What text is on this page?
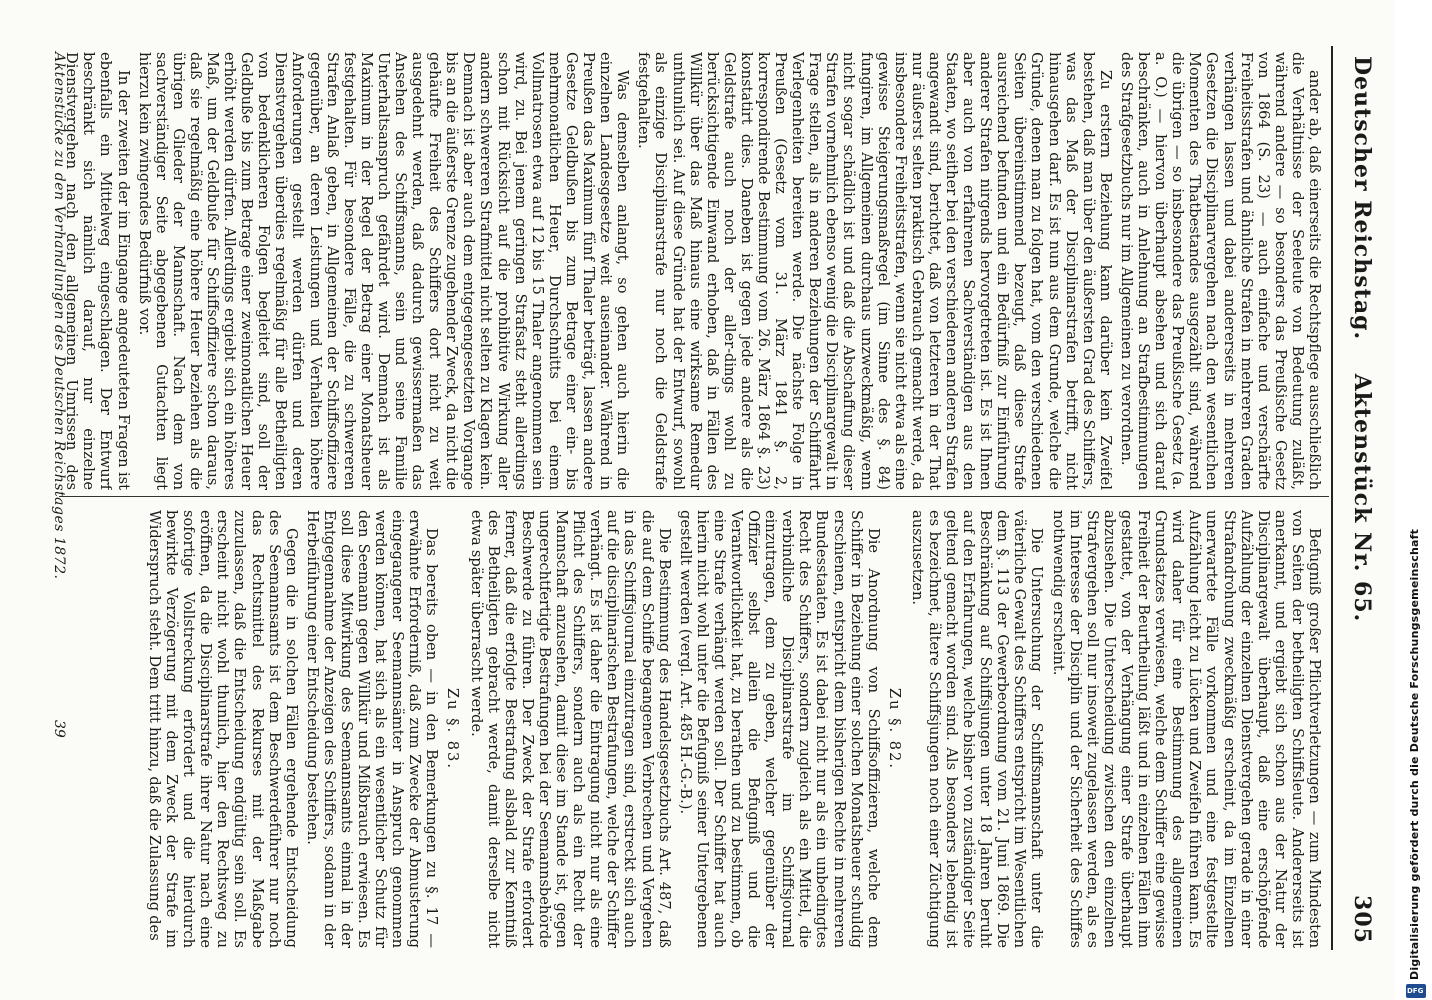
Deutscher Reichstag.
Aktenstück Nr. 65.
305

ander ab, daß einerseits die Rechtspflege ausschließlich die Verhältnisse der Seeleute von Bedeutung zuläßt, während andere — so besonders das Preußische Gesetz von 1864 (S. 23) — auch einfache und verschärfte Freiheitsstrafen und ähnliche Strafen in mehreren Graden verhängen lassen und dabei andererseits in mehreren Gesetzen die Disciplinarvergehen nach den wesentlichen Momenten des Thatbestandes ausgezählt sind, während die übrigen — so insbesondere das Preußische Gesetz (a. a. O.) — hiervon überhaupt absehen und sich darauf beschränken, auch in Anlehnung an Strafbestimmungen des Strafgesetzbuchs nur im Allgemeinen zu verordnen.

Zu erstern Beziehung kann darüber kein Zweifel bestehen, daß man über den äußersten Grad des Schiffers, was das Maß der Disciplinarstrafen betrifft, nicht hinausgehen darf. Es ist nun aus dem Grunde, welche die Gründe, denen man zu folgen hat, vom den verschiedenen Seiten übereinstimmend bezeugt, daß diese Strafe ausreichend befunden und ein Bedürfniß zur Einführung anderer Strafen nirgends hervorgetreten ist. Es ist Ihnen aber auch von erfahrenen Sachverständigen aus den Staaten, wo seither bei den verschiedenen anderen Strafen angewandt sind, berichtet, daß von letzteren in der That nur äußerst selten praktisch Gebrauch gemacht werde, da insbesondere Freiheitsstrafen, wenn sie nicht etwa als eine gewisse Steigerungsmaßregel (im Sinne des §. 84) fungiren, im Allgemeinen durchaus unzweckmäßig, wenn nicht sogar schädlich ist und daß die Abschaffung dieser Strafen vornehmlich ebenso wenig die Disciplinargewalt in Frage stellen, als in anderen Beziehungen der Schifffahrt Verlegenheiten bereiten werde. Die nächste Folge in Preußen (Gesetz vom 31. März 1841 §. 2, korrespondirende Bestimmung vom 26. März 1864 §. 23) konstatirt dies. Daneben ist gegen jede andere als die Geldstrafe auch noch der aller-dings wohl zu berücksichtigende Einwand erhoben, daß in Fällen des Willkür über das Maß hinaus eine wirksame Remedur unthunlich sei. Auf diese Gründe hat der Entwurf, sowohl als einzige Disciplinarstrafe nur noch die Geldstrafe festgehalten.

Was demselben anlangt, so gehen auch hierin die einzelnen Landesgesetze weit auseinander. Während in Preußen das Maximum fünf Thaler beträgt, lassen andere Gesetze Geldbußen bis zum Betrage einer ein- bis mehrmonatlichen Heuer, Durchschnitts bei einem Vollmatrosen etwa auf 12 bis 15 Thaler angenommen sein wird, zu. Bei jenem geringen Strafsatz steht allerdings schon mit Rücksicht auf die prohibitive Wirkung aller andern schwereren Strafmittel nicht selten zu Klagen kein. Demnach ist aber auch dem entgegengesetzten Vorgange bis an die äußerste Grenze zugehender Zweck, da nicht die gehäufte Freiheit des Schiffers dort nicht zu weit ausgedehnt werden, daß dadurch gewissermaßen das Ansehen des Schiffsmanns, sein und seine Familie Unterhaltsanspruch gefährdet wird. Demnach ist als Maximum in der Regel der Betrag einer Monatsheuer festgehalten. Für besondere Fälle, die zu schwereren Strafen Anlaß geben, in Allgemeinen der Schiffsoffiziere gegenüber, an deren Leistungen und Verhalten höhere Anforderungen gestellt werden dürfen und deren Dienstvergehen überdies regelmäßig für alle Betheiligten von bedenklicheren Folgen begleitet sind, soll der Geldbuße bis zum Betrage einer zweimonatlichen Heuer erhöht werden dürfen. Allerdings ergiebt sich ein höheres Maß, um der Geldbuße für Schiffsoffiziere schon daraus, daß sie regelmäßig eine höhere Heuer beziehen als die übrigen Glieder der Mannschaft. Nach dem von sachverständiger Seite abgegebenen Gutachten liegt hierzu kein zwingendes Bedürfniß vor.

In der zweiten der im Eingange angedeuteten Fragen ist ebenfalls ein Mittelweg eingeschlagen. Der Entwurf beschränkt sich nämlich darauf, nur einzelne Dienstvergehen nach den allgemeinen Umrissen des

Befugniß großer Pflichtverletzungen — zum Mindesten von Seiten der betheiligten Schiffsleute. Andererseits ist anerkannt, und ergiebt sich schon aus der Natur der Disciplinargewalt überhaupt, daß eine erschöpfende Aufzählung der einzelnen Dienstvergehen gerade in einer Strafandrohung zweckmäßig erscheint, da im Einzelnen unerwartete Fälle vorkommen und eine festgestellte Aufzählung leicht zu Lücken und Zweifeln führen kann. Es wird daher für eine Bestimmung des allgemeinen Grundsatzes verwiesen, welche dem Schiffer eine gewisse Freiheit der Beurtheilung läßt und in einzelnen Fällen ihm gestattet, von der Verhängung einer Strafe überhaupt abzusehen. Die Unterscheidung zwischen den einzelnen Strafvergehen soll nur insoweit zugelassen werden, als es im Interesse der Disciplin und der Sicherheit des Schiffes nothwendig erscheint.

Die Untersuchung der Schiffsmannschaft unter die väterliche Gewalt des Schiffers entspricht im Wesentlichen dem §. 113 der Gewerbeordnung vom 21. Juni 1869. Die Beschränkung auf Schiffsjungen unter 18 Jahren beruht auf den Erfahrungen, welche bisher von zuständiger Seite geltend gemacht worden sind. Als besonders lebendig ist es bezeichnet, ältere Schiffsjungen noch einer Züchtigung auszusetzen.

Zu §. 82.

Die Anordnung von Schiffsoffizieren, welche dem Schiffer in Beziehung einer solchen Monatsheuer schuldig erschienen, entspricht dem bisherigen Rechte in mehreren Bundesstaaten. Es ist dabei nicht nur als ein unbedingtes Recht des Schiffers, sondern zugleich als ein Mittel, die verbindliche Disciplinarstrafe im Schiffsjournal einzutragen, dem zu geben, welcher gegenüber der Offizier selbst allein die Befugniß und die Verantwortlichkeit hat, zu berathen und zu bestimmen, ob eine Strafe verhängt werden soll. Der Schiffer hat auch hierin nicht wohl unter die Befugniß seiner Untergebenen gestellt werden (vergl. Art. 485 H.-G.-B.).

Die Bestimmung des Handelsgesetzbuchs Art. 487, daß die auf dem Schiffe begangenen Verbrechen und Vergehen in das Schiffsjournal einzutragen sind, erstreckt sich auch auf die disciplinarischen Bestrafungen, welche der Schiffer verhängt. Es ist daher die Eintragung nicht nur als eine Pflicht des Schiffers, sondern auch als ein Recht der Mannschaft anzusehen, damit diese im Stande ist, gegen ungerechtfertigte Bestrafungen bei der Seemannsbehörde Beschwerde zu führen. Der Zweck der Strafe erfordert ferner, daß die erfolgte Bestrafung alsbald zur Kenntniß des Betheiligten gebracht werde, damit derselbe nicht etwa später überrascht werde.

Zu §. 83.

Das bereits oben — in den Bemerkungen zu §. 17 — erwähnte Erforderniß, daß zum Zwecke der Abmusterung eingegangener Seemannsämter in Anspruch genommen werden können, hat sich als ein wesentlicher Schutz für den Seemann gegen Willkür und Mißbrauch erwiesen. Es soll diese Mitwirkung des Seemannsamts einmal in der Entgegennahme der Anzeigen des Schiffers, sodann in der Herbeiführung einer Entscheidung bestehen.

Gegen die in solchen Fällen ergehende Entscheidung des Seemannsamts ist dem Beschwerdeführer nur noch das Rechtsmittel des Rekurses mit der Maßgabe zuzulassen, daß die Entscheidung endgültig sein soll. Es erscheint nicht wohl thunlich, hier den Rechtsweg zu eröffnen, da die Disciplinarstrafe ihrer Natur nach eine sofortige Vollstreckung erfordert und die hierdurch bewirkte Verzögerung mit dem Zweck der Strafe im Widerspruch steht. Dem tritt hinzu, daß die Zulassung des

Aktenstücke zu den Verhandlungen des Deutschen Reichstages 1872.
39
DFG
Digitalisierung gefördert durch die Deutsche Forschungsgemeinschaft
